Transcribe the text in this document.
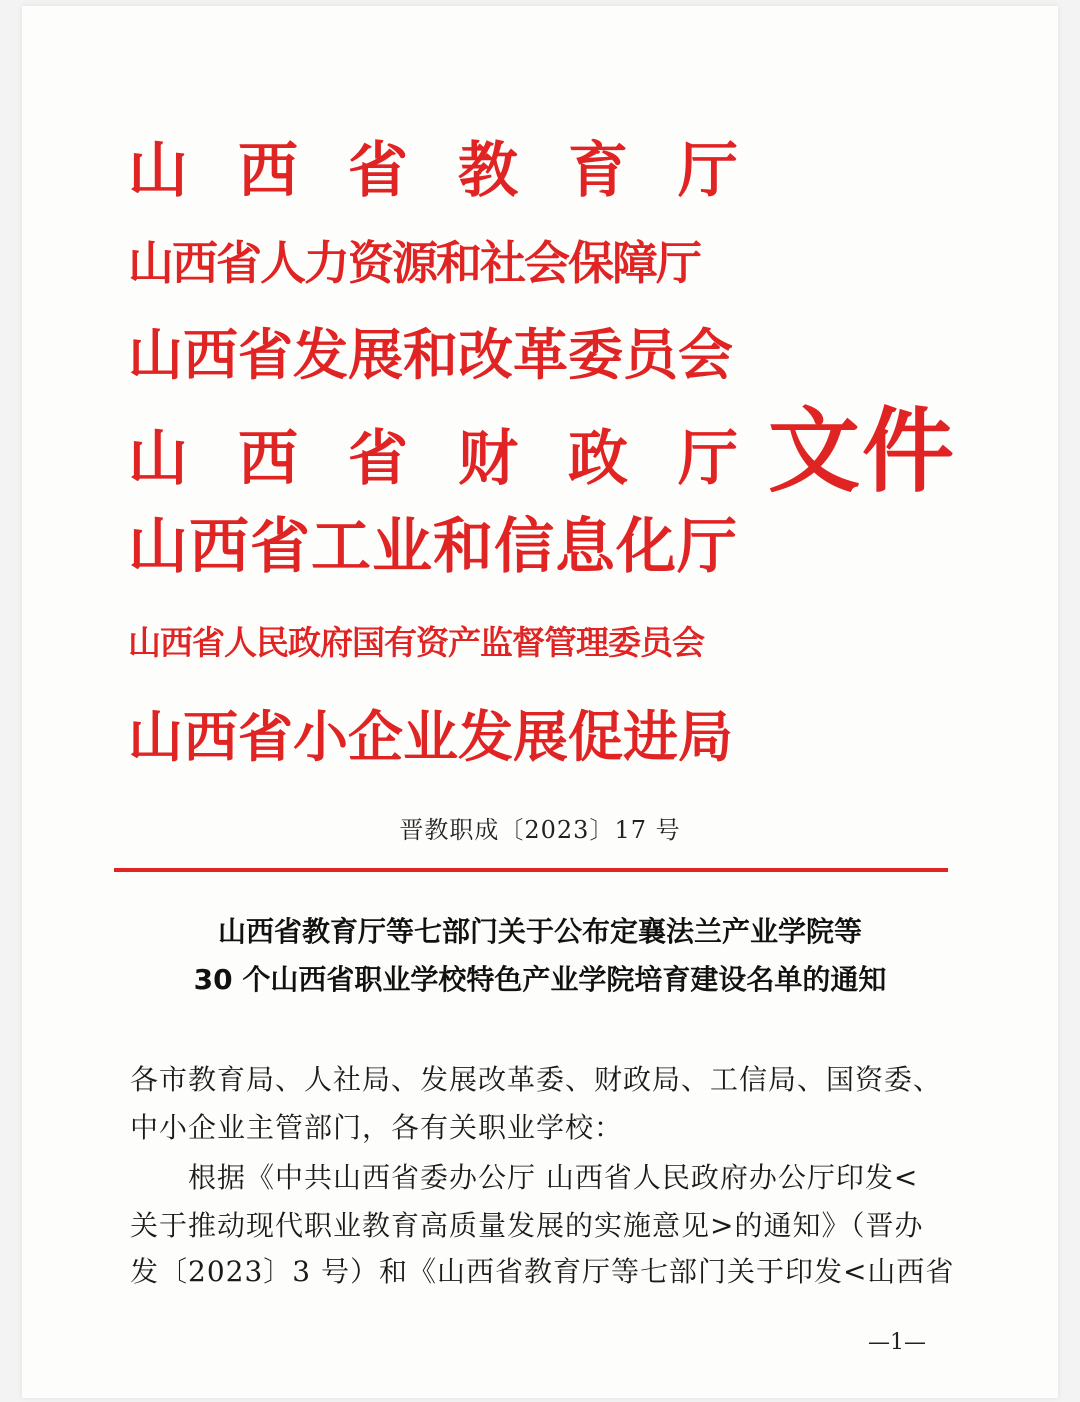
山 西 省 教 育 厅
山西省人力资源和社会保障厅
山西省发展和改革委员会
山 西 省 财 政 厅
山西省工业和信息化厅
山西省人民政府国有资产监督管理委员会
山西省小企业发展促进局
文件
晋教职成〔2023〕17 号
山西省教育厅等七部门关于公布定襄法兰产业学院等
30 个山西省职业学校特色产业学院培育建设名单的通知
各市教育局、人社局、发展改革委、财政局、工信局、国资委、
中小企业主管部门，各有关职业学校：
根据《中共山西省委办公厅 山西省人民政府办公厅印发<
关于推动现代职业教育高质量发展的实施意见>的通知》（晋办
发〔2023〕3 号）和《山西省教育厅等七部门关于印发<山西省
—1—
